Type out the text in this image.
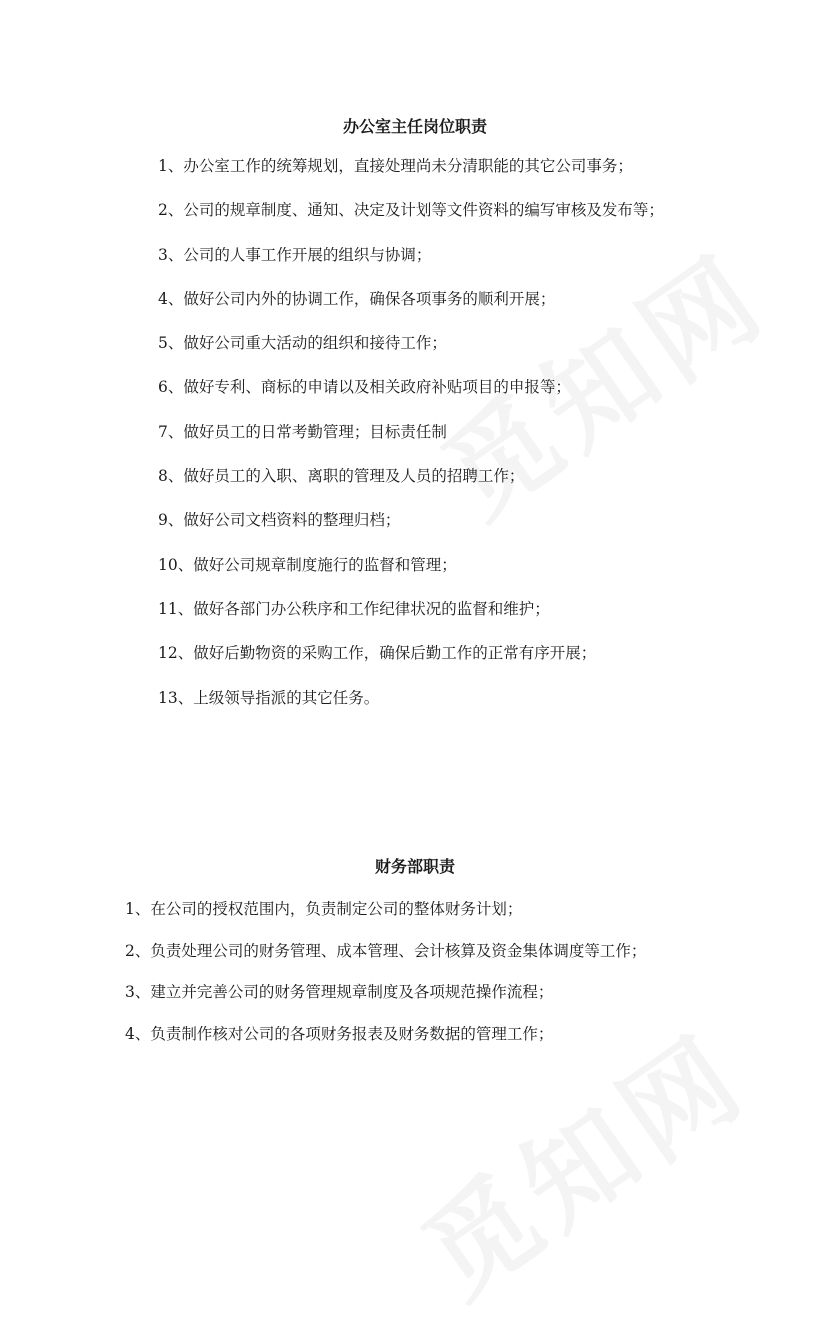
办公室主任岗位职责
1、办公室工作的统筹规划，直接处理尚未分清职能的其它公司事务；
2、公司的规章制度、通知、决定及计划等文件资料的编写审核及发布等；
3、公司的人事工作开展的组织与协调；
4、做好公司内外的协调工作，确保各项事务的顺利开展；
5、做好公司重大活动的组织和接待工作；
6、做好专利、商标的申请以及相关政府补贴项目的申报等；
7、做好员工的日常考勤管理；目标责任制
8、做好员工的入职、离职的管理及人员的招聘工作；
9、做好公司文档资料的整理归档；
10、做好公司规章制度施行的监督和管理；
11、做好各部门办公秩序和工作纪律状况的监督和维护；
12、做好后勤物资的采购工作，确保后勤工作的正常有序开展；
13、上级领导指派的其它任务。
财务部职责
1、在公司的授权范围内，负责制定公司的整体财务计划；
2、负责处理公司的财务管理、成本管理、会计核算及资金集体调度等工作；
3、建立并完善公司的财务管理规章制度及各项规范操作流程；
4、负责制作核对公司的各项财务报表及财务数据的管理工作；
